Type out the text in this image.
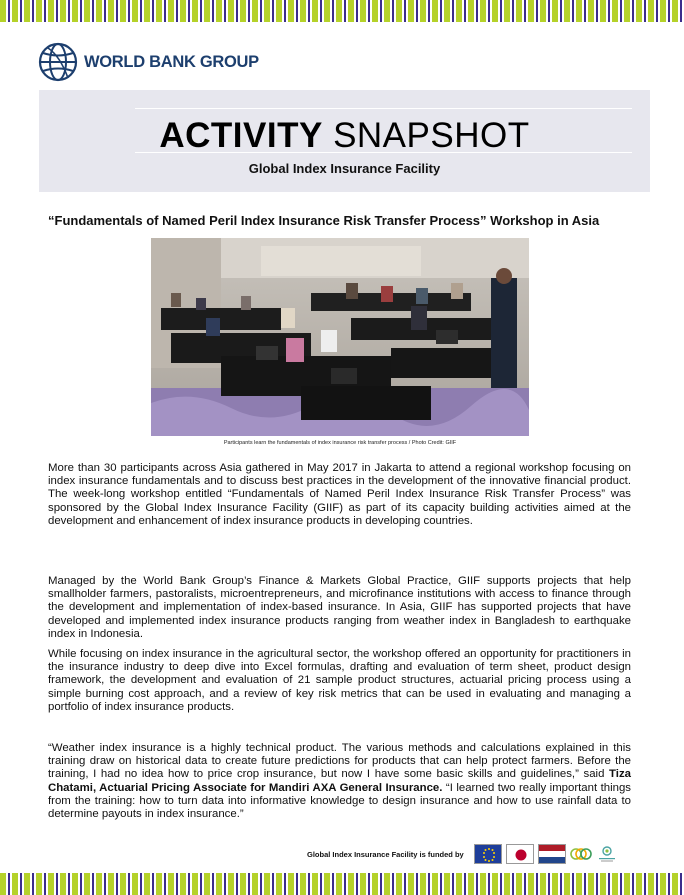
WORLD BANK GROUP
ACTIVITY SNAPSHOT
Global Index Insurance Facility
“Fundamentals of Named Peril Index Insurance Risk Transfer Process” Workshop in Asia
Participants learn the fundamentals of index insurance risk transfer process / Photo Credit: GIIF

More than 30 participants across Asia gathered in May 2017 in Jakarta to attend a regional workshop focusing on index insurance fundamentals and to discuss best practices in the development of the innovative financial product. The week-long workshop entitled “Fundamentals of Named Peril Index Insurance Risk Transfer Process” was sponsored by the Global Index Insurance Facility (GIIF) as part of its capacity building activities aimed at the development and enhancement of index insurance products in developing countries.

Managed by the World Bank Group’s Finance & Markets Global Practice, GIIF supports projects that help smallholder farmers, pastoralists, microentrepreneurs, and microfinance institutions with access to finance through the development and implementation of index-based insurance. In Asia, GIIF has supported projects that have developed and implemented index insurance products ranging from weather index in Bangladesh to earthquake index in Indonesia.

While focusing on index insurance in the agricultural sector, the workshop offered an opportunity for practitioners in the insurance industry to deep dive into Excel formulas, drafting and evaluation of term sheet, product design framework, the development and evaluation of 21 sample product structures, actuarial pricing process using a simple burning cost approach, and a review of key risk metrics that can be used in evaluating and managing a portfolio of index insurance products.

“Weather index insurance is a highly technical product. The various methods and calculations explained in this training draw on historical data to create future predictions for products that can help protect farmers. Before the training, I had no idea how to price crop insurance, but now I have some basic skills and guidelines,” said Tiza Chatami, Actuarial Pricing Associate for Mandiri AXA General Insurance. “I learned two really important things from the training: how to turn data into informative knowledge to design insurance and how to use rainfall data to determine payouts in index insurance.”

Global Index Insurance Facility is funded by
